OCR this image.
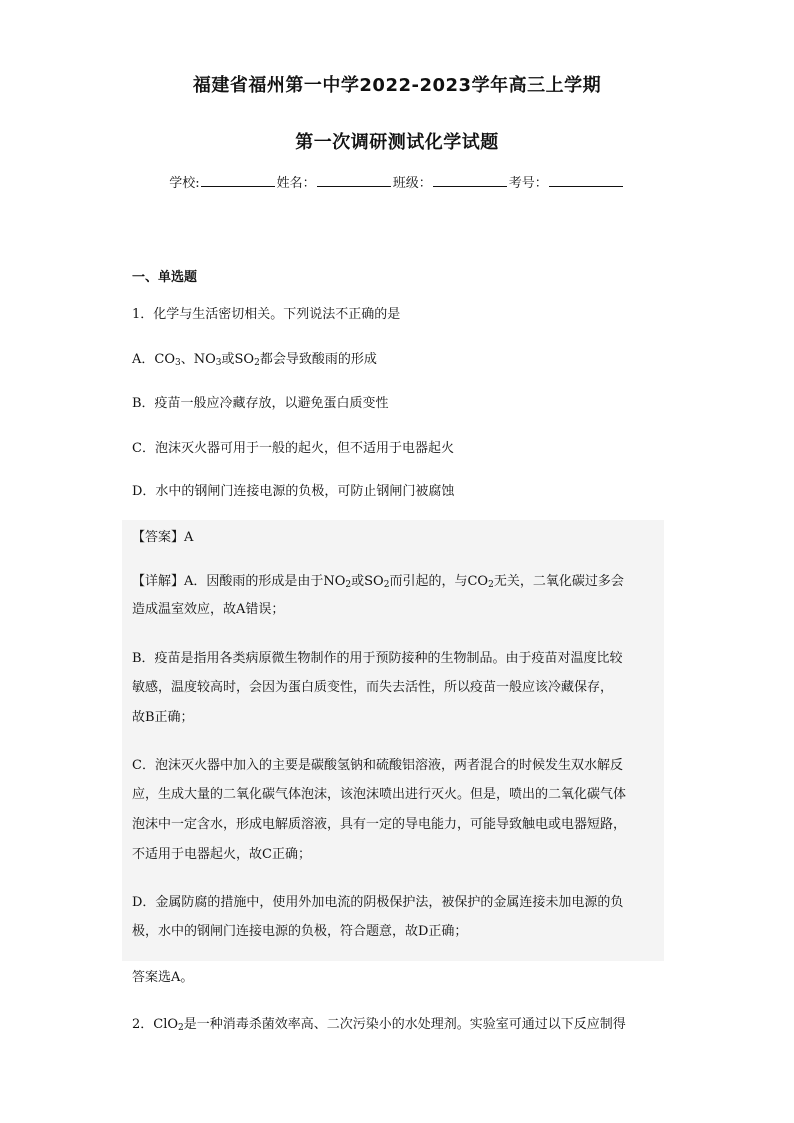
福建省福州第一中学2022-2023学年高三上学期
第一次调研测试化学试题
学校:	姓名：	班级：	考号：
一、单选题
1．化学与生活密切相关。下列说法不正确的是
A．$CO_3$、$NO_3$或$SO_2$都会导致酸雨的形成
B．疫苗一般应冷藏存放，以避免蛋白质变性
C．泡沫灭火器可用于一般的起火，但不适用于电器起火
D．水中的钢闸门连接电源的负极，可防止钢闸门被腐蚀
【答案】A
【详解】A．因酸雨的形成是由于$NO_2$或$SO_2$而引起的，与$CO_2$无关，二氧化碳过多会
造成温室效应，故A错误；
B．疫苗是指用各类病原微生物制作的用于预防接种的生物制品。由于疫苗对温度比较
敏感，温度较高时，会因为蛋白质变性，而失去活性，所以疫苗一般应该冷藏保存，
故B正确；
C．泡沫灭火器中加入的主要是碳酸氢钠和硫酸铝溶液，两者混合的时候发生双水解反
应，生成大量的二氧化碳气体泡沫，该泡沫喷出进行灭火。但是，喷出的二氧化碳气体
泡沫中一定含水，形成电解质溶液，具有一定的导电能力，可能导致触电或电器短路，
不适用于电器起火，故C正确；
D．金属防腐的措施中，使用外加电流的阴极保护法，被保护的金属连接未加电源的负
极，水中的钢闸门连接电源的负极，符合题意，故D正确；
答案选A。
2．ClO$_2$是一种消毒杀菌效率高、二次污染小的水处理剂。实验室可通过以下反应制得
